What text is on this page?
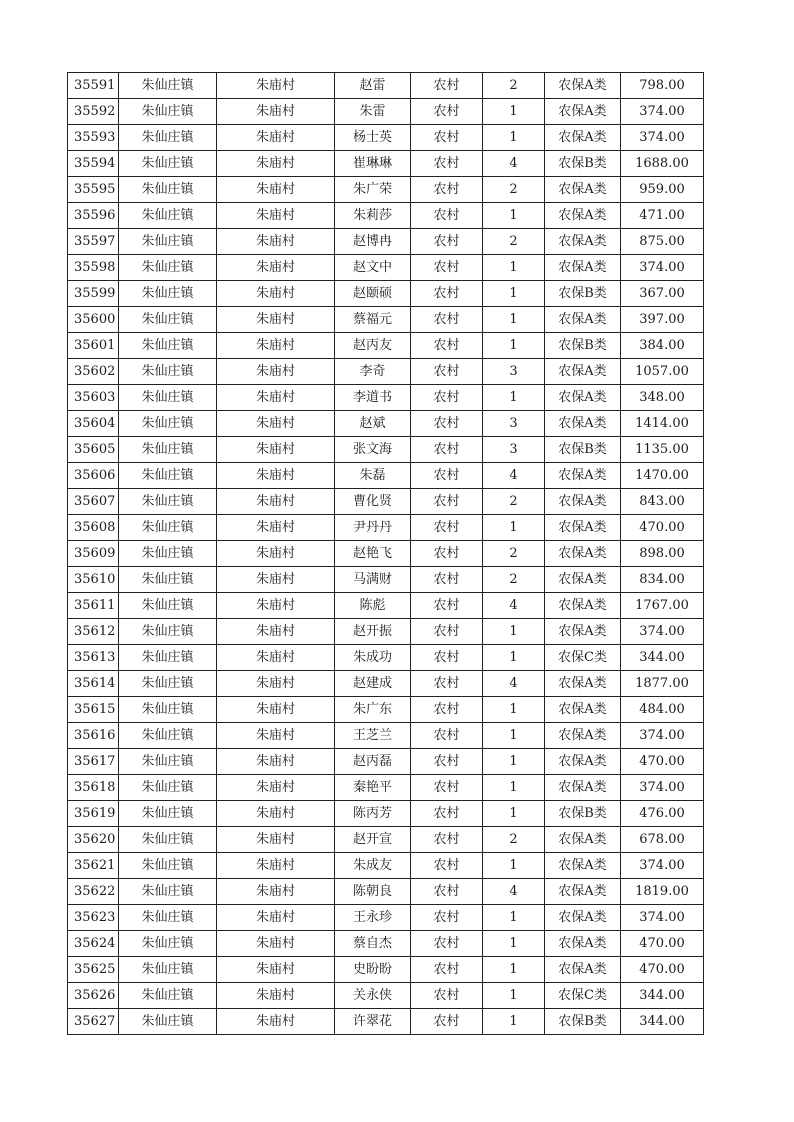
35591	朱仙庄镇	朱庙村	赵雷	农村	2	农保A类	798.00
35592	朱仙庄镇	朱庙村	朱雷	农村	1	农保A类	374.00
35593	朱仙庄镇	朱庙村	杨士英	农村	1	农保A类	374.00
35594	朱仙庄镇	朱庙村	崔琳琳	农村	4	农保B类	1688.00
35595	朱仙庄镇	朱庙村	朱广荣	农村	2	农保A类	959.00
35596	朱仙庄镇	朱庙村	朱莉莎	农村	1	农保A类	471.00
35597	朱仙庄镇	朱庙村	赵博冉	农村	2	农保A类	875.00
35598	朱仙庄镇	朱庙村	赵文中	农村	1	农保A类	374.00
35599	朱仙庄镇	朱庙村	赵颐硕	农村	1	农保B类	367.00
35600	朱仙庄镇	朱庙村	蔡福元	农村	1	农保A类	397.00
35601	朱仙庄镇	朱庙村	赵丙友	农村	1	农保B类	384.00
35602	朱仙庄镇	朱庙村	李奇	农村	3	农保A类	1057.00
35603	朱仙庄镇	朱庙村	李道书	农村	1	农保A类	348.00
35604	朱仙庄镇	朱庙村	赵斌	农村	3	农保A类	1414.00
35605	朱仙庄镇	朱庙村	张文海	农村	3	农保B类	1135.00
35606	朱仙庄镇	朱庙村	朱磊	农村	4	农保A类	1470.00
35607	朱仙庄镇	朱庙村	曹化贤	农村	2	农保A类	843.00
35608	朱仙庄镇	朱庙村	尹丹丹	农村	1	农保A类	470.00
35609	朱仙庄镇	朱庙村	赵艳飞	农村	2	农保A类	898.00
35610	朱仙庄镇	朱庙村	马满财	农村	2	农保A类	834.00
35611	朱仙庄镇	朱庙村	陈彪	农村	4	农保A类	1767.00
35612	朱仙庄镇	朱庙村	赵开振	农村	1	农保A类	374.00
35613	朱仙庄镇	朱庙村	朱成功	农村	1	农保C类	344.00
35614	朱仙庄镇	朱庙村	赵建成	农村	4	农保A类	1877.00
35615	朱仙庄镇	朱庙村	朱广东	农村	1	农保A类	484.00
35616	朱仙庄镇	朱庙村	王芝兰	农村	1	农保A类	374.00
35617	朱仙庄镇	朱庙村	赵丙磊	农村	1	农保A类	470.00
35618	朱仙庄镇	朱庙村	秦艳平	农村	1	农保A类	374.00
35619	朱仙庄镇	朱庙村	陈丙芳	农村	1	农保B类	476.00
35620	朱仙庄镇	朱庙村	赵开宣	农村	2	农保A类	678.00
35621	朱仙庄镇	朱庙村	朱成友	农村	1	农保A类	374.00
35622	朱仙庄镇	朱庙村	陈朝良	农村	4	农保A类	1819.00
35623	朱仙庄镇	朱庙村	王永珍	农村	1	农保A类	374.00
35624	朱仙庄镇	朱庙村	蔡自杰	农村	1	农保A类	470.00
35625	朱仙庄镇	朱庙村	史盼盼	农村	1	农保A类	470.00
35626	朱仙庄镇	朱庙村	关永侠	农村	1	农保C类	344.00
35627	朱仙庄镇	朱庙村	许翠花	农村	1	农保B类	344.00
